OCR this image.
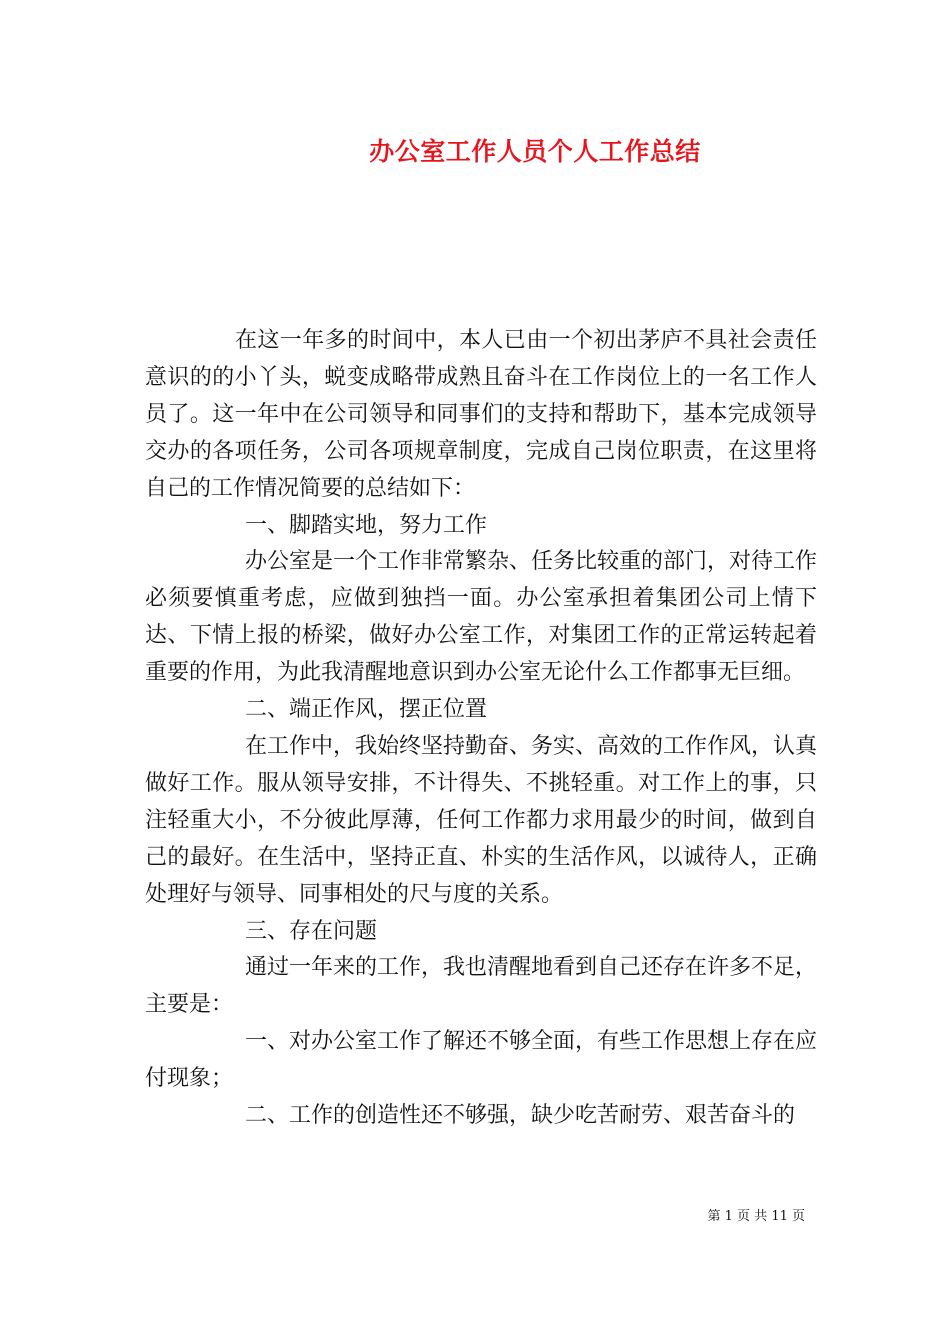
办公室工作人员个人工作总结

在这一年多的时间中，本人已由一个初出茅庐不具社会责任意识的的小丫头，蜕变成略带成熟且奋斗在工作岗位上的一名工作人员了。这一年中在公司领导和同事们的支持和帮助下，基本完成领导交办的各项任务，公司各项规章制度，完成自己岗位职责，在这里将自己的工作情况简要的总结如下：

一、脚踏实地，努力工作

办公室是一个工作非常繁杂、任务比较重的部门，对待工作必须要慎重考虑，应做到独挡一面。办公室承担着集团公司上情下达、下情上报的桥梁，做好办公室工作，对集团工作的正常运转起着重要的作用，为此我清醒地意识到办公室无论什么工作都事无巨细。

二、端正作风，摆正位置

在工作中，我始终坚持勤奋、务实、高效的工作作风，认真做好工作。服从领导安排，不计得失、不挑轻重。对工作上的事，只注轻重大小，不分彼此厚薄，任何工作都力求用最少的时间，做到自己的最好。在生活中，坚持正直、朴实的生活作风，以诚待人，正确处理好与领导、同事相处的尺与度的关系。

三、存在问题

通过一年来的工作，我也清醒地看到自己还存在许多不足，主要是：

一、对办公室工作了解还不够全面，有些工作思想上存在应付现象；

二、工作的创造性还不够强，缺少吃苦耐劳、艰苦奋斗的

第 1 页 共 11 页
